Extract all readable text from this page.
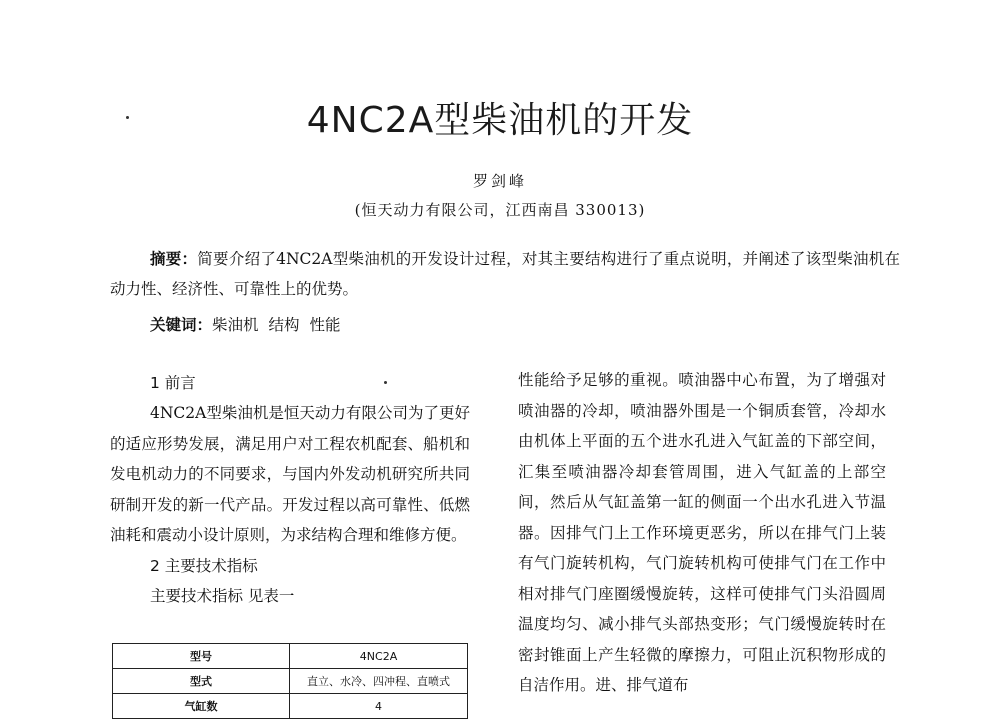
4NC2A型柴油机的开发
罗剑峰
(恒天动力有限公司，江西南昌 330013)
摘要：简要介绍了4NC2A型柴油机的开发设计过程，对其主要结构进行了重点说明，并阐述了该型柴油机在动力性、经济性、可靠性上的优势。
关键词：柴油机 结构 性能
1 前言

4NC2A型柴油机是恒天动力有限公司为了更好的适应形势发展，满足用户对工程农机配套、船机和发电机动力的不同要求，与国内外发动机研究所共同研制开发的新一代产品。开发过程以高可靠性、低燃油耗和震动小设计原则，为求结构合理和维修方便。

2 主要技术指标
主要技术指标 见表一
型号	4NC2A
型式	直立、水冷、四冲程、直喷式
气缸数	4

性能给予足够的重视。喷油器中心布置，为了增强对喷油器的冷却，喷油器外围是一个铜质套管，冷却水由机体上平面的五个进水孔进入气缸盖的下部空间，汇集至喷油器冷却套管周围，进入气缸盖的上部空间，然后从气缸盖第一缸的侧面一个出水孔进入节温器。因排气门上工作环境更恶劣，所以在排气门上装有气门旋转机构，气门旋转机构可使排气门在工作中相对排气门座圈缓慢旋转，这样可使排气门头沿圆周温度均匀、减小排气头部热变形；气门缓慢旋转时在密封锥面上产生轻微的摩擦力，可阻止沉积物形成的自洁作用。进、排气道布
